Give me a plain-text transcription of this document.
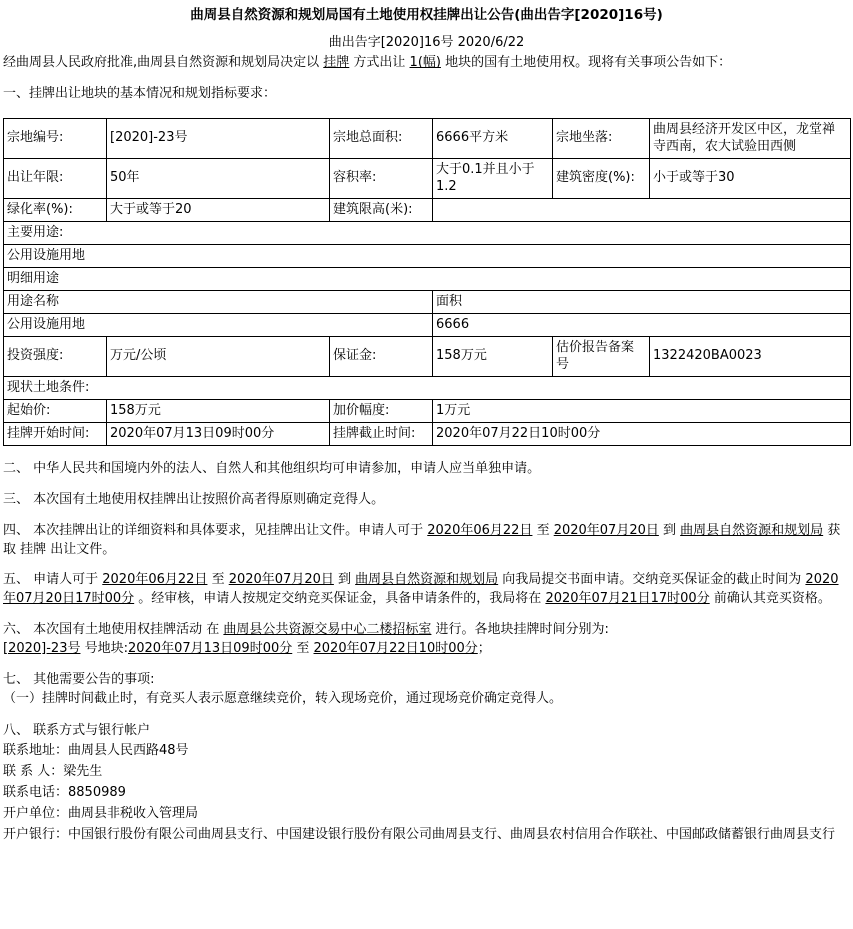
曲周县自然资源和规划局国有土地使用权挂牌出让公告(曲出告字[2020]16号)

曲出告字[2020]16号 2020/6/22

经曲周县人民政府批准,曲周县自然资源和规划局决定以 挂牌 方式出让 1(幅) 地块的国有土地使用权。现将有关事项公告如下：

一、挂牌出让地块的基本情况和规划指标要求：

宗地编号:	[2020]-23号	宗地总面积:	6666平方米	宗地坐落:	曲周县经济开发区中区，龙堂禅寺西南，农大试验田西侧
出让年限:	50年	容积率:	大于0.1并且小于1.2	建筑密度(%):	小于或等于30
绿化率(%):	大于或等于20	建筑限高(米):			
主要用途:					
公用设施用地					
明细用途					
用途名称			面积		
公用设施用地			6666		
投资强度:	万元/公顷	保证金:	158万元	估价报告备案号	1322420BA0023
现状土地条件:					
起始价:	158万元	加价幅度:	1万元		
挂牌开始时间:	2020年07月13日09时00分	挂牌截止时间:	2020年07月22日10时00分		

二、 中华人民共和国境内外的法人、自然人和其他组织均可申请参加，申请人应当单独申请。

三、 本次国有土地使用权挂牌出让按照价高者得原则确定竞得人。

四、 本次挂牌出让的详细资料和具体要求，见挂牌出让文件。申请人可于 2020年06月22日 至 2020年07月20日 到 曲周县自然资源和规划局 获取 挂牌 出让文件。

五、 申请人可于 2020年06月22日 至 2020年07月20日 到 曲周县自然资源和规划局 向我局提交书面申请。交纳竞买保证金的截止时间为 2020年07月20日17时00分 。经审核，申请人按规定交纳竞买保证金，具备申请条件的，我局将在 2020年07月21日17时00分 前确认其竞买资格。

六、 本次国有土地使用权挂牌活动 在 曲周县公共资源交易中心二楼招标室 进行。各地块挂牌时间分别为:

[2020]-23号 号地块:2020年07月13日09时00分 至 2020年07月22日10时00分；

七、 其他需要公告的事项:

（一）挂牌时间截止时，有竞买人表示愿意继续竞价，转入现场竞价，通过现场竞价确定竞得人。

八、 联系方式与银行帐户

联系地址：曲周县人民西路48号

联 系 人：梁先生

联系电话：8850989

开户单位：曲周县非税收入管理局

开户银行：中国银行股份有限公司曲周县支行、中国建设银行股份有限公司曲周县支行、曲周县农村信用合作联社、中国邮政储蓄银行曲周县支行
